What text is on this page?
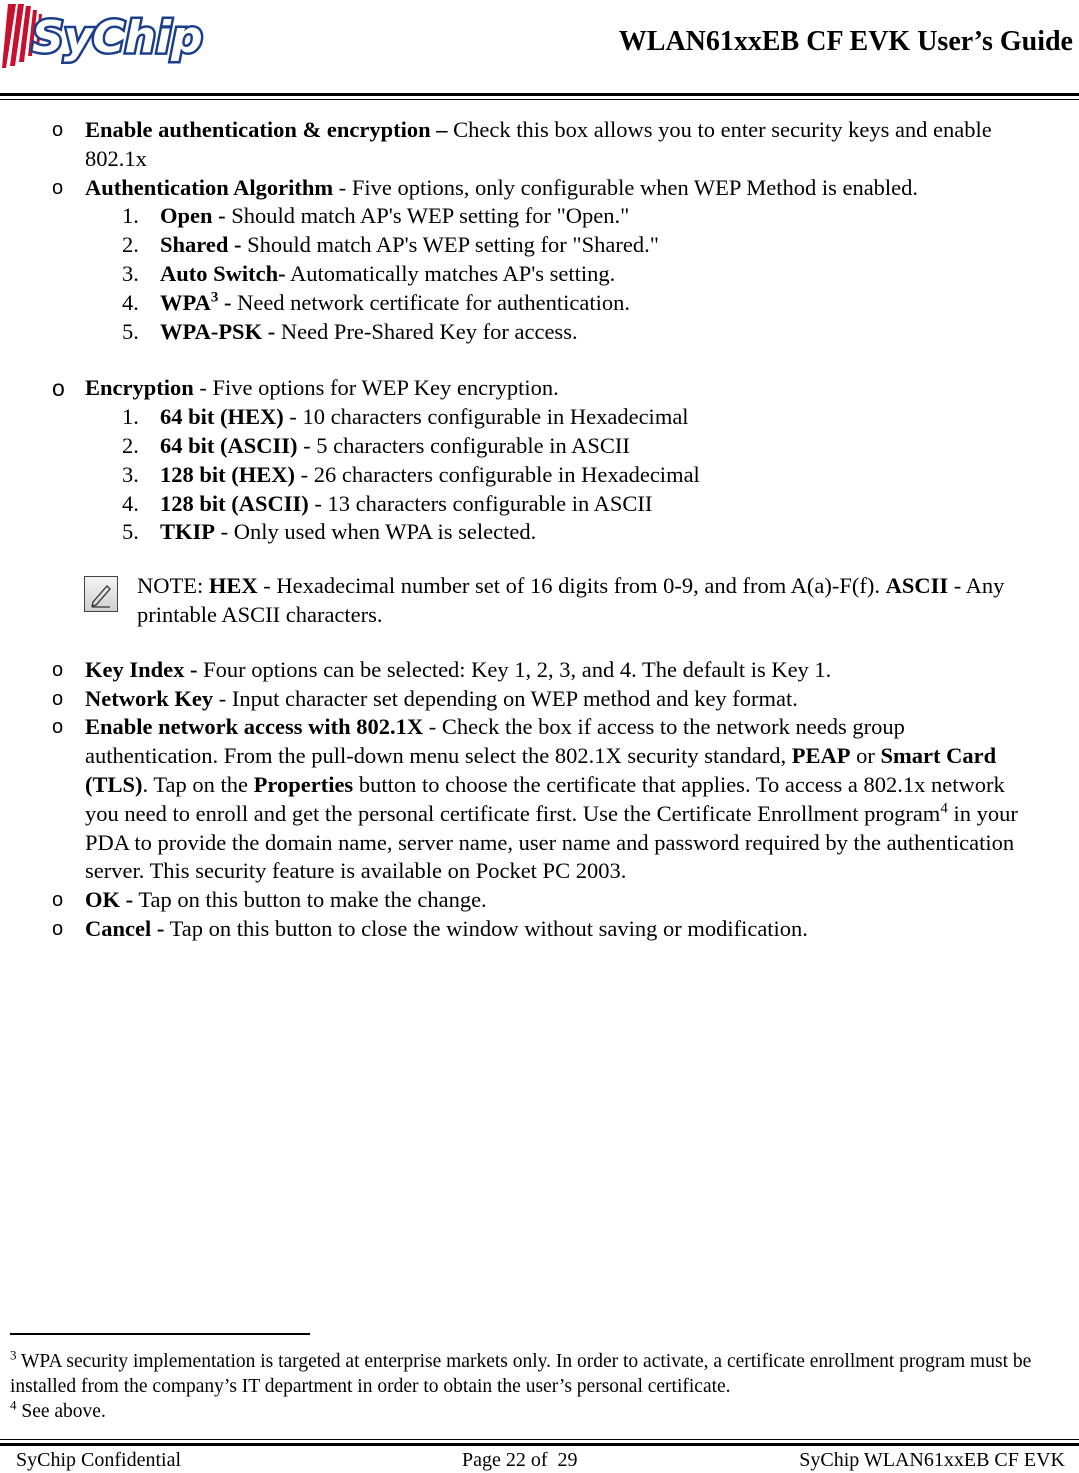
SyChip	WLAN61xxEB CF EVK User’s Guide
o Enable authentication & encryption – Check this box allows you to enter security keys and enable 802.1x
o Authentication Algorithm - Five options, only configurable when WEP Method is enabled.
1. Open - Should match AP's WEP setting for "Open."
2. Shared - Should match AP's WEP setting for "Shared."
3. Auto Switch- Automatically matches AP's setting.
4. WPA$^3$ - Need network certificate for authentication.
5. WPA-PSK - Need Pre-Shared Key for access.
o Encryption - Five options for WEP Key encryption.
1. 64 bit (HEX) - 10 characters configurable in Hexadecimal
2. 64 bit (ASCII) - 5 characters configurable in ASCII
3. 128 bit (HEX) - 26 characters configurable in Hexadecimal
4. 128 bit (ASCII) - 13 characters configurable in ASCII
5. TKIP - Only used when WPA is selected.
NOTE: HEX - Hexadecimal number set of 16 digits from 0-9, and from A(a)-F(f). ASCII - Any printable ASCII characters.
o Key Index - Four options can be selected: Key 1, 2, 3, and 4. The default is Key 1.
o Network Key - Input character set depending on WEP method and key format.
o Enable network access with 802.1X - Check the box if access to the network needs group authentication. From the pull-down menu select the 802.1X security standard, PEAP or Smart Card (TLS). Tap on the Properties button to choose the certificate that applies. To access a 802.1x network you need to enroll and get the personal certificate first. Use the Certificate Enrollment program$^4$ in your PDA to provide the domain name, server name, user name and password required by the authentication server. This security feature is available on Pocket PC 2003.
o OK - Tap on this button to make the change.
o Cancel - Tap on this button to close the window without saving or modification.
$^3$ WPA security implementation is targeted at enterprise markets only. In order to activate, a certificate enrollment program must be installed from the company’s IT department in order to obtain the user’s personal certificate.
$^4$ See above.
SyChip Confidential	Page 22 of  29	SyChip WLAN61xxEB CF EVK
